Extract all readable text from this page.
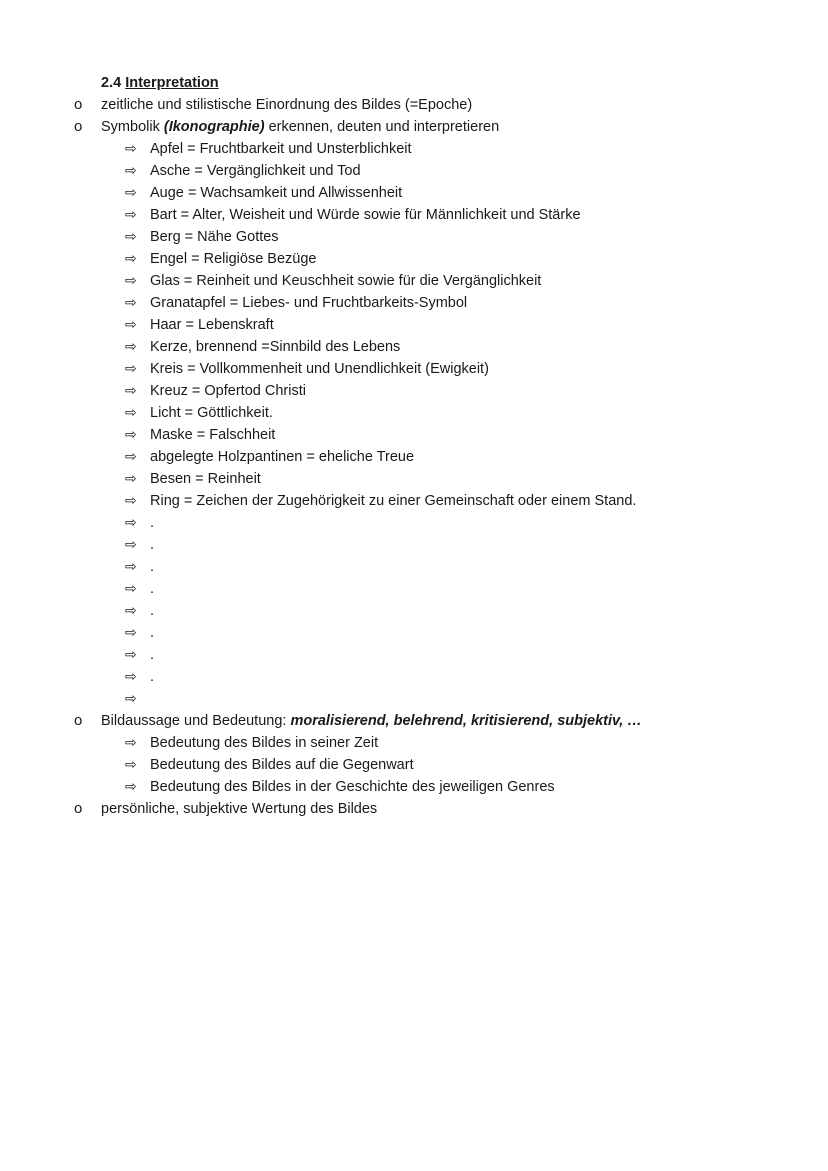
2.4 Interpretation
o zeitliche und stilistische Einordnung des Bildes (=Epoche)
o Symbolik (Ikonographie) erkennen, deuten und interpretieren
⇨ Apfel = Fruchtbarkeit und Unsterblichkeit
⇨ Asche = Vergänglichkeit und Tod
⇨ Auge = Wachsamkeit und Allwissenheit
⇨ Bart = Alter, Weisheit und Würde sowie für Männlichkeit und Stärke
⇨ Berg = Nähe Gottes
⇨ Engel = Religiöse Bezüge
⇨ Glas = Reinheit und Keuschheit sowie für die Vergänglichkeit
⇨ Granatapfel = Liebes- und Fruchtbarkeits-Symbol
⇨ Haar = Lebenskraft
⇨ Kerze, brennend =Sinnbild des Lebens
⇨ Kreis = Vollkommenheit und Unendlichkeit (Ewigkeit)
⇨ Kreuz = Opfertod Christi
⇨ Licht = Göttlichkeit.
⇨ Maske = Falschheit
⇨ abgelegte Holzpantinen = eheliche Treue
⇨ Besen = Reinheit
⇨ Ring = Zeichen der Zugehörigkeit zu einer Gemeinschaft oder einem Stand.
⇨ .
⇨ .
⇨ .
⇨ .
⇨ .
⇨ .
⇨ .
⇨ .
⇨
o Bildaussage und Bedeutung: moralisierend, belehrend, kritisierend, subjektiv, …
⇨ Bedeutung des Bildes in seiner Zeit
⇨ Bedeutung des Bildes auf die Gegenwart
⇨ Bedeutung des Bildes in der Geschichte des jeweiligen Genres
o persönliche, subjektive Wertung des Bildes
